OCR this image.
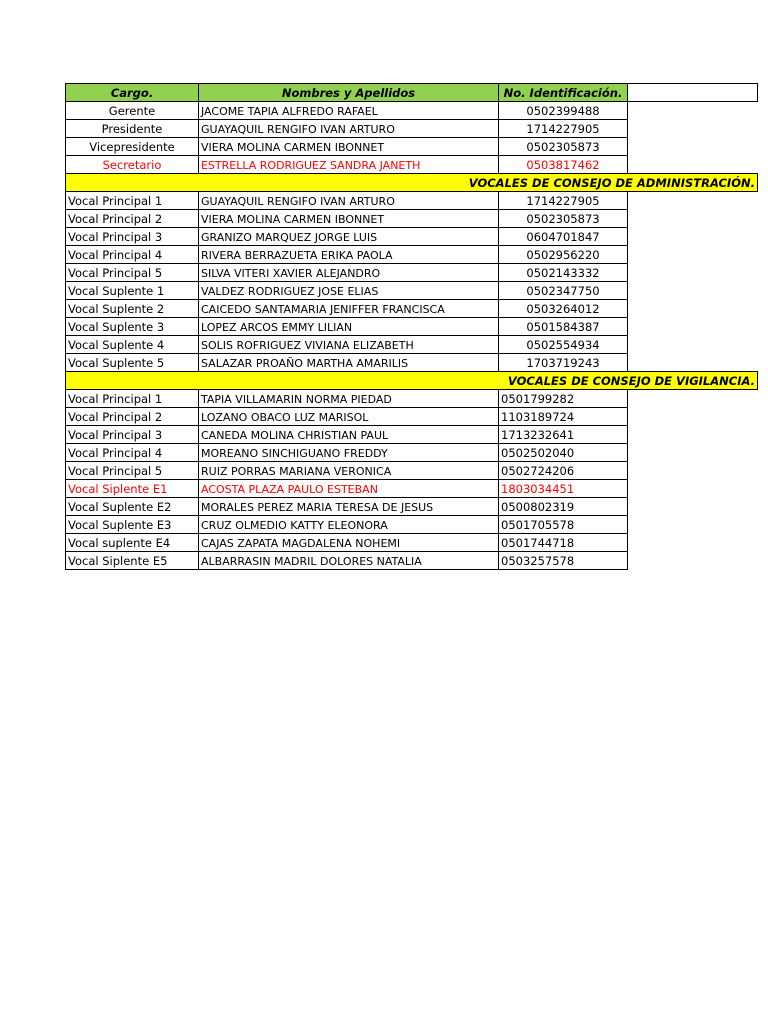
Cargo.	Nombres y Apellidos	No. Identificación.	
Gerente	JACOME TAPIA ALFREDO RAFAEL	0502399488	
Presidente	GUAYAQUIL RENGIFO IVAN ARTURO	1714227905	
Vicepresidente	VIERA MOLINA CARMEN IBONNET	0502305873	
Secretario	ESTRELLA RODRIGUEZ SANDRA JANETH	0503817462	
VOCALES DE CONSEJO DE ADMINISTRACIÓN.			
Vocal Principal 1	GUAYAQUIL RENGIFO IVAN ARTURO	1714227905	
Vocal Principal 2	VIERA MOLINA CARMEN IBONNET	0502305873	
Vocal Principal 3	GRANIZO MARQUEZ JORGE LUIS	0604701847	
Vocal Principal 4	RIVERA BERRAZUETA ERIKA PAOLA	0502956220	
Vocal Principal 5	SILVA VITERI XAVIER ALEJANDRO	0502143332	
Vocal Suplente 1	VALDEZ RODRIGUEZ JOSE ELIAS	0502347750	
Vocal Suplente 2	CAICEDO SANTAMARIA JENIFFER FRANCISCA	0503264012	
Vocal Suplente 3	LOPEZ ARCOS EMMY LILIAN	0501584387	
Vocal Suplente 4	SOLIS ROFRIGUEZ VIVIANA ELIZABETH	0502554934	
Vocal Suplente 5	SALAZAR PROAÑO MARTHA AMARILIS	1703719243	
VOCALES DE CONSEJO DE VIGILANCIA.			
Vocal Principal 1	TAPIA VILLAMARIN NORMA PIEDAD	0501799282	
Vocal Principal 2	LOZANO OBACO LUZ MARISOL	1103189724	
Vocal Principal 3	CANEDA MOLINA CHRISTIAN PAUL	1713232641	
Vocal Principal 4	MOREANO SINCHIGUANO FREDDY	0502502040	
Vocal Principal 5	RUIZ PORRAS MARIANA VERONICA	0502724206	
Vocal Siplente E1	ACOSTA PLAZA PAULO ESTEBAN	1803034451	
Vocal Suplente E2	MORALES PEREZ MARIA TERESA DE JESUS	0500802319	
Vocal Suplente E3	CRUZ OLMEDIO KATTY ELEONORA	0501705578	
Vocal suplente E4	CAJAS ZAPATA MAGDALENA NOHEMI	0501744718	
Vocal Siplente E5	ALBARRASIN MADRIL DOLORES NATALIA	0503257578	
